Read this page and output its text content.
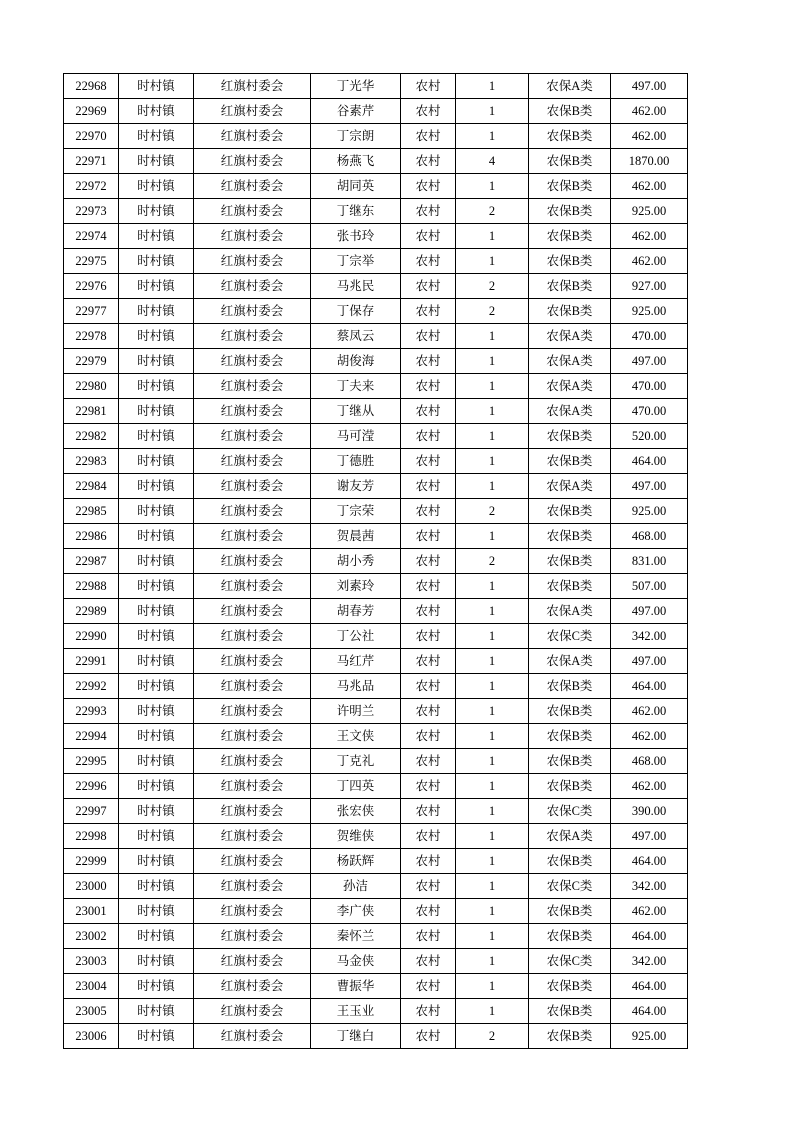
22968	时村镇	红旗村委会	丁光华	农村	1	农保A类	497.00
22969	时村镇	红旗村委会	谷素芹	农村	1	农保B类	462.00
22970	时村镇	红旗村委会	丁宗朗	农村	1	农保B类	462.00
22971	时村镇	红旗村委会	杨燕飞	农村	4	农保B类	1870.00
22972	时村镇	红旗村委会	胡同英	农村	1	农保B类	462.00
22973	时村镇	红旗村委会	丁继东	农村	2	农保B类	925.00
22974	时村镇	红旗村委会	张书玲	农村	1	农保B类	462.00
22975	时村镇	红旗村委会	丁宗举	农村	1	农保B类	462.00
22976	时村镇	红旗村委会	马兆民	农村	2	农保B类	927.00
22977	时村镇	红旗村委会	丁保存	农村	2	农保B类	925.00
22978	时村镇	红旗村委会	蔡凤云	农村	1	农保A类	470.00
22979	时村镇	红旗村委会	胡俊海	农村	1	农保A类	497.00
22980	时村镇	红旗村委会	丁夫来	农村	1	农保A类	470.00
22981	时村镇	红旗村委会	丁继从	农村	1	农保A类	470.00
22982	时村镇	红旗村委会	马可滢	农村	1	农保B类	520.00
22983	时村镇	红旗村委会	丁德胜	农村	1	农保B类	464.00
22984	时村镇	红旗村委会	谢友芳	农村	1	农保A类	497.00
22985	时村镇	红旗村委会	丁宗荣	农村	2	农保B类	925.00
22986	时村镇	红旗村委会	贺晨茜	农村	1	农保B类	468.00
22987	时村镇	红旗村委会	胡小秀	农村	2	农保B类	831.00
22988	时村镇	红旗村委会	刘素玲	农村	1	农保B类	507.00
22989	时村镇	红旗村委会	胡春芳	农村	1	农保A类	497.00
22990	时村镇	红旗村委会	丁公社	农村	1	农保C类	342.00
22991	时村镇	红旗村委会	马红芹	农村	1	农保A类	497.00
22992	时村镇	红旗村委会	马兆品	农村	1	农保B类	464.00
22993	时村镇	红旗村委会	许明兰	农村	1	农保B类	462.00
22994	时村镇	红旗村委会	王文侠	农村	1	农保B类	462.00
22995	时村镇	红旗村委会	丁克礼	农村	1	农保B类	468.00
22996	时村镇	红旗村委会	丁四英	农村	1	农保B类	462.00
22997	时村镇	红旗村委会	张宏侠	农村	1	农保C类	390.00
22998	时村镇	红旗村委会	贺维侠	农村	1	农保A类	497.00
22999	时村镇	红旗村委会	杨跃辉	农村	1	农保B类	464.00
23000	时村镇	红旗村委会	孙洁	农村	1	农保C类	342.00
23001	时村镇	红旗村委会	李广侠	农村	1	农保B类	462.00
23002	时村镇	红旗村委会	秦怀兰	农村	1	农保B类	464.00
23003	时村镇	红旗村委会	马金侠	农村	1	农保C类	342.00
23004	时村镇	红旗村委会	曹振华	农村	1	农保B类	464.00
23005	时村镇	红旗村委会	王玉业	农村	1	农保B类	464.00
23006	时村镇	红旗村委会	丁继白	农村	2	农保B类	925.00
